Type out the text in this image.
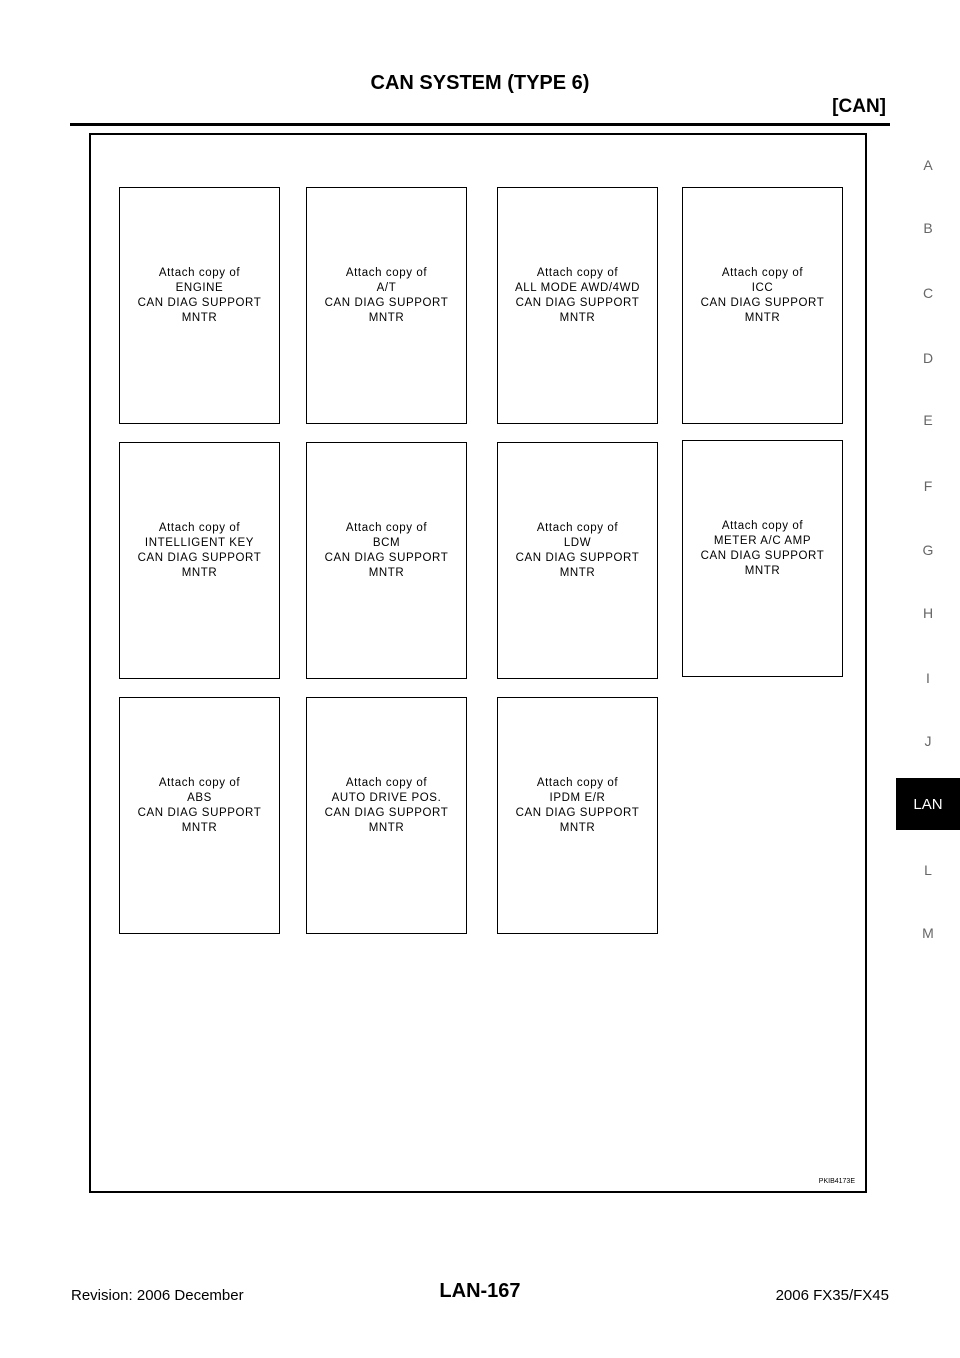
CAN SYSTEM (TYPE 6)
[CAN]
A
B
C
D
E
F
G
H
I
J
LAN
L
M
PKIB4173E
Attach copy of
ENGINE
CAN DIAG SUPPORT
MNTR
Attach copy of
A/T
CAN DIAG SUPPORT
MNTR
Attach copy of
ALL MODE AWD/4WD
CAN DIAG SUPPORT
MNTR
Attach copy of
ICC
CAN DIAG SUPPORT
MNTR
Attach copy of
INTELLIGENT KEY
CAN DIAG SUPPORT
MNTR
Attach copy of
BCM
CAN DIAG SUPPORT
MNTR
Attach copy of
LDW
CAN DIAG SUPPORT
MNTR
Attach copy of
METER A/C AMP
CAN DIAG SUPPORT
MNTR
Attach copy of
ABS
CAN DIAG SUPPORT
MNTR
Attach copy of
AUTO DRIVE POS.
CAN DIAG SUPPORT
MNTR
Attach copy of
IPDM E/R
CAN DIAG SUPPORT
MNTR
LAN-167
Revision: 2006 December	2006 FX35/FX45
